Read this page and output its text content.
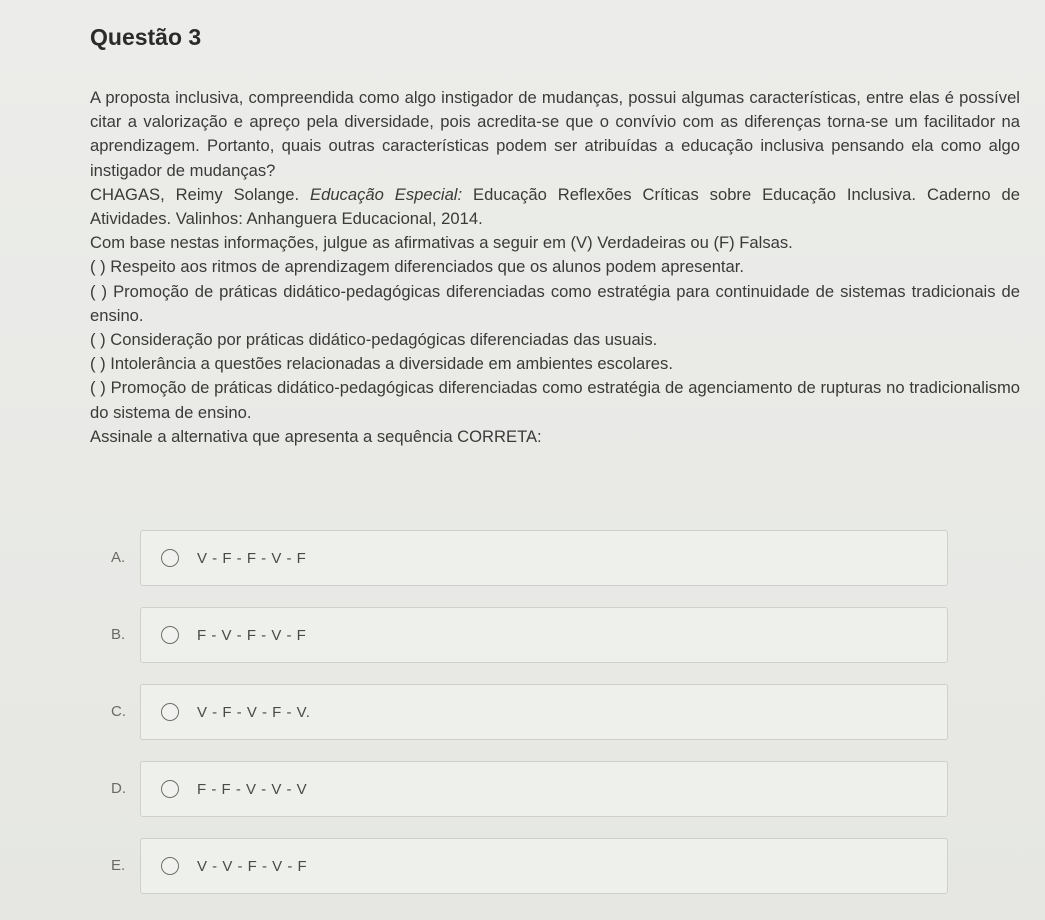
Questão 3

A proposta inclusiva, compreendida como algo instigador de mudanças, possui algumas características, entre elas é possível citar a valorização e apreço pela diversidade, pois acredita-se que o convívio com as diferenças torna-se um facilitador na aprendizagem. Portanto, quais outras características podem ser atribuídas a educação inclusiva pensando ela como algo instigador de mudanças?

CHAGAS, Reimy Solange. Educação Especial: Educação Reflexões Críticas sobre Educação Inclusiva. Caderno de Atividades. Valinhos: Anhanguera Educacional, 2014.

Com base nestas informações, julgue as afirmativas a seguir em (V) Verdadeiras ou (F) Falsas.

( ) Respeito aos ritmos de aprendizagem diferenciados que os alunos podem apresentar.

( ) Promoção de práticas didático-pedagógicas diferenciadas como estratégia para continuidade de sistemas tradicionais de ensino.

( ) Consideração por práticas didático-pedagógicas diferenciadas das usuais.

( ) Intolerância a questões relacionadas a diversidade em ambientes escolares.

( ) Promoção de práticas didático-pedagógicas diferenciadas como estratégia de agenciamento de rupturas no tradicionalismo do sistema de ensino.

Assinale a alternativa que apresenta a sequência CORRETA:

A.	V - F - F - V - F
B.	F - V - F - V - F
C.	V - F - V - F - V.
D.	F - F - V - V - V
E.	V - V - F - V - F
